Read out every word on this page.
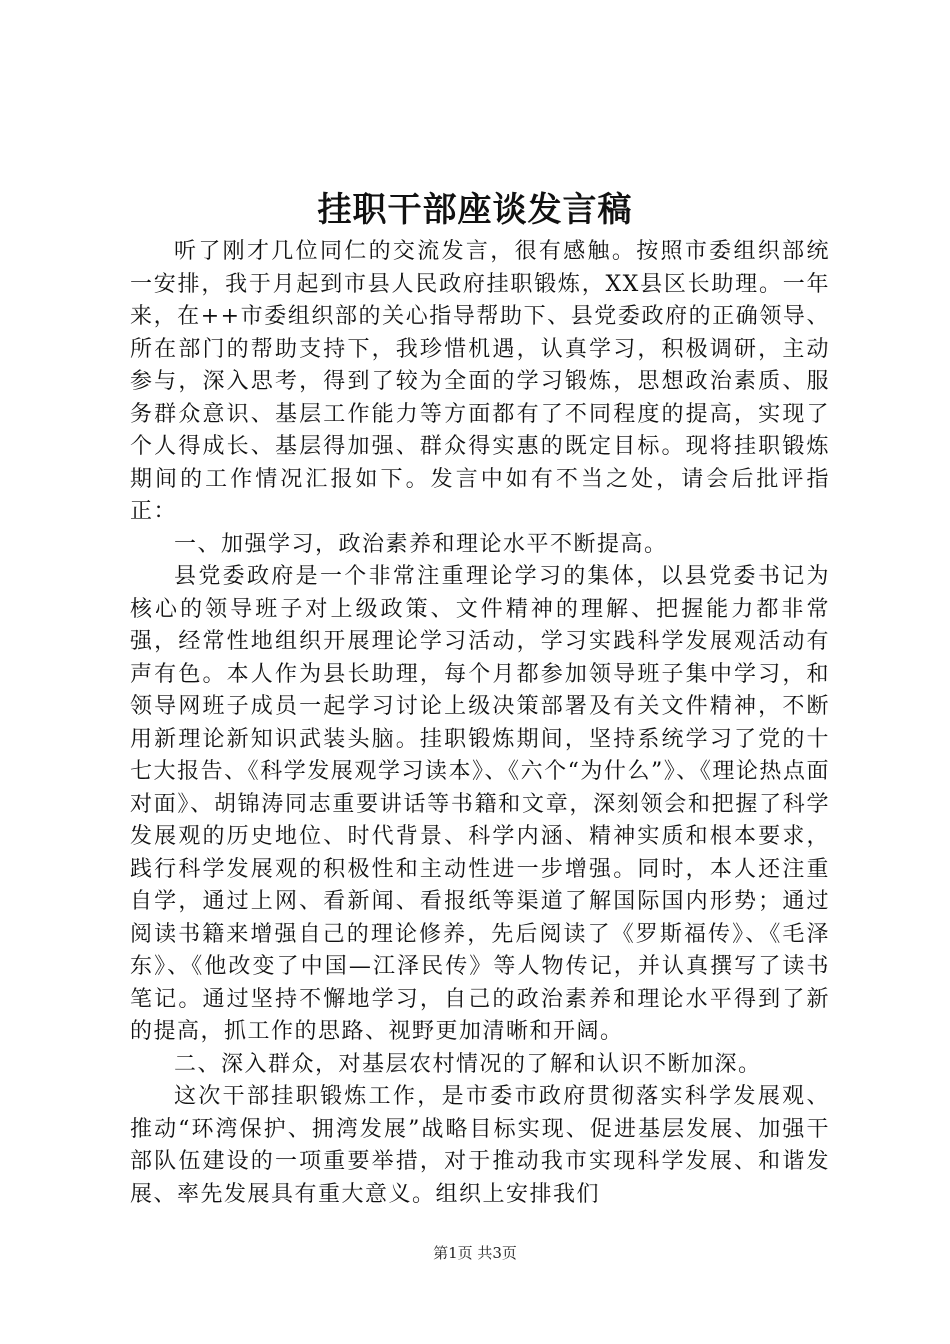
挂职干部座谈发言稿

听了刚才几位同仁的交流发言，很有感触。按照市委组织部统一安排，我于月起到市县人民政府挂职锻炼，XX县区长助理。一年来，在++市委组织部的关心指导帮助下、县党委政府的正确领导、所在部门的帮助支持下，我珍惜机遇，认真学习，积极调研，主动参与，深入思考，得到了较为全面的学习锻炼，思想政治素质、服务群众意识、基层工作能力等方面都有了不同程度的提高，实现了个人得成长、基层得加强、群众得实惠的既定目标。现将挂职锻炼期间的工作情况汇报如下。发言中如有不当之处，请会后批评指正：

一、加强学习，政治素养和理论水平不断提高。

县党委政府是一个非常注重理论学习的集体，以县党委书记为核心的领导班子对上级政策、文件精神的理解、把握能力都非常强，经常性地组织开展理论学习活动，学习实践科学发展观活动有声有色。本人作为县长助理，每个月都参加领导班子集中学习，和领导网班子成员一起学习讨论上级决策部署及有关文件精神，不断用新理论新知识武装头脑。挂职锻炼期间，坚持系统学习了党的十七大报告、《科学发展观学习读本》、《六个“为什么”》、《理论热点面对面》、胡锦涛同志重要讲话等书籍和文章，深刻领会和把握了科学发展观的历史地位、时代背景、科学内涵、精神实质和根本要求，践行科学发展观的积极性和主动性进一步增强。同时，本人还注重自学，通过上网、看新闻、看报纸等渠道了解国际国内形势；通过阅读书籍来增强自己的理论修养，先后阅读了《罗斯福传》、《毛泽东》、《他改变了中国—江泽民传》等人物传记，并认真撰写了读书笔记。通过坚持不懈地学习，自己的政治素养和理论水平得到了新的提高，抓工作的思路、视野更加清晰和开阔。

二、深入群众，对基层农村情况的了解和认识不断加深。

这次干部挂职锻炼工作，是市委市政府贯彻落实科学发展观、推动“环湾保护、拥湾发展”战略目标实现、促进基层发展、加强干部队伍建设的一项重要举措，对于推动我市实现科学发展、和谐发展、率先发展具有重大意义。组织上安排我们

第1页 共3页
